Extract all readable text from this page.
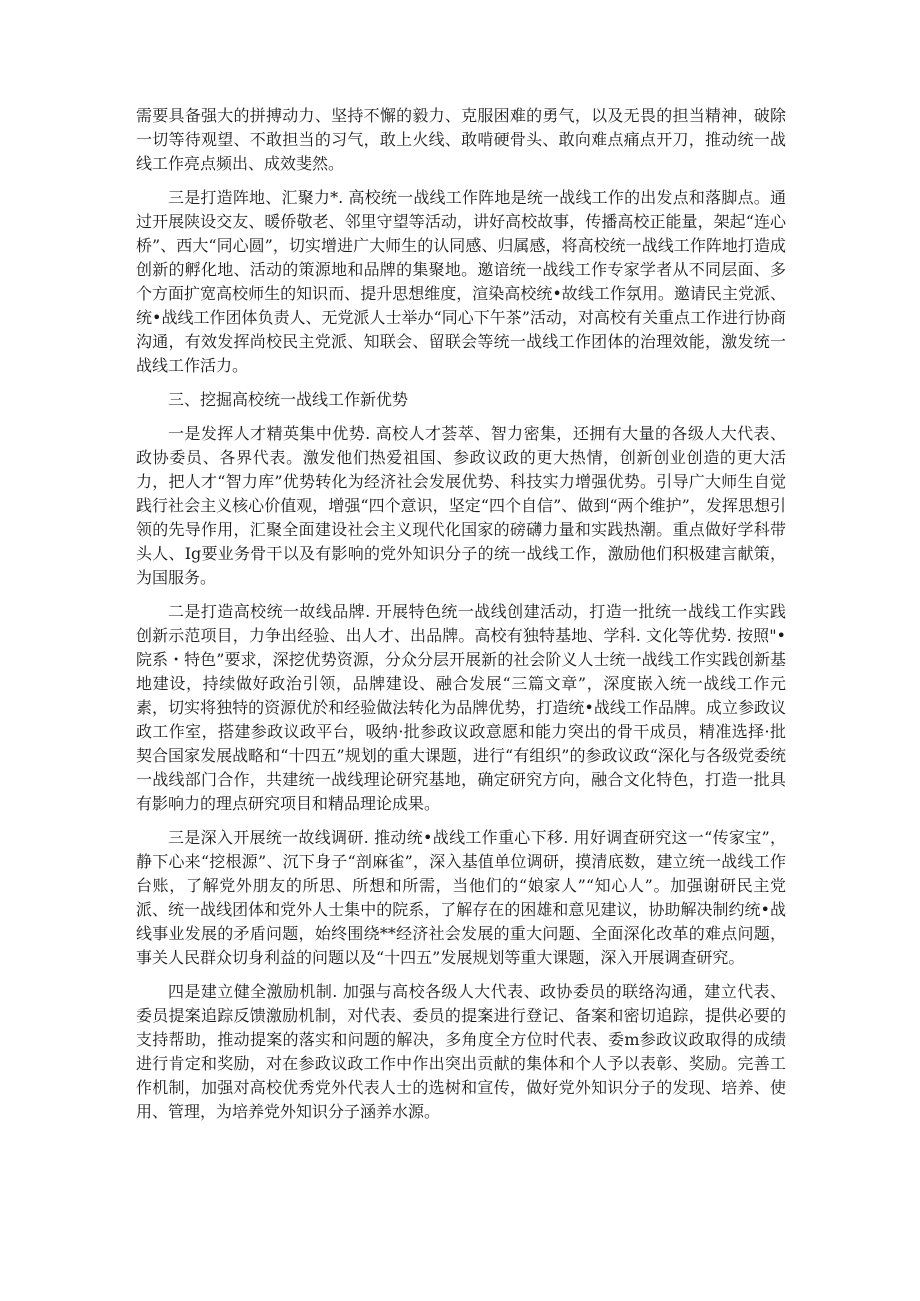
需要具备强大的拼搏动力、坚持不懈的毅力、克服困难的勇气，以及无畏的担当精神，破除一切等待观望、不敢担当的习气，敢上火线、敢啃硬骨头、敢向难点痛点开刀，推动统一战线工作亮点频出、成效斐然。

三是打造阵地、汇聚力*. 高校统一战线工作阵地是统一战线工作的出发点和落脚点。通过开展陕设交友、暖侨敬老、邻里守望等活动，讲好高校故事，传播高校正能量，架起“连心桥”、西大“同心圆”，切实增进广大师生的认同感、归属感，将高校统一战线工作阵地打造成创新的孵化地、活动的策源地和品牌的集聚地。邀谙统一战线工作专家学者从不同层面、多个方面扩宽高校师生的知识而、提升思想维度，渲染高校统•故线工作氛用。邀请民主党派、统•战线工作团体负责人、无党派人士举办“同心下午茶”活动，对高校有关重点工作进行协商沟通，有效发挥尚校民主党派、知联会、留联会等统一战线工作团体的治理效能，激发统一战线工作活力。

三、挖掘高校统一战线工作新优势

一是发挥人才精英集中优势. 高校人才荟萃、智力密集，还拥有大量的各级人大代表、政协委员、各界代表。激发他们热爱祖国、参政议政的更大热情，创新创业创造的更大活力，把人才“智力库”优势转化为经济社会发展优势、科技实力增强优势。引导广大师生自觉践行社会主义核心价值观，增强“四个意识，坚定“四个自信”、做到“两个维护”，发挥思想引领的先导作用，汇聚全面建设社会主义现代化国家的磅礴力量和实践热潮。重点做好学科带头人、Ig要业务骨干以及有影响的党外知识分子的统一战线工作，激励他们积极建言献策，为国服务。

二是打造高校统一故线品牌. 开展特色统一战线创建活动，打造一批统一战线工作实践创新示范项目，力争出经验、出人才、出品牌。高校有独特基地、学科. 文化等优势. 按照"•院系・特色”要求，深挖优势资源，分众分层开展新的社会阶义人士统一战线工作实践创新基地建设，持续做好政治引领，品牌建设、融合发展“三篇文章”，深度嵌入统一战线工作元素，切实将独特的资源优於和经验做法转化为品牌优势，打造统•战线工作品牌。成立参政议政工作室，搭建参政议政平台，吸纳·批参政议政意愿和能力突出的骨干成员，精准选择·批契合国家发展战略和“十四五”规划的重大课题，进行“有组织”的参政议政“深化与各级党委统一战线部门合作，共建统一战线理论研究基地，确定研究方向，融合文化特色，打造一批具有影响力的理点研究项目和精品理论成果。

三是深入开展统一故线调研. 推动统•战线工作重心下移. 用好调査研究这一“传家宝”，静下心来“挖根源”、沉下身子“剖麻雀”，深入基值单位调研，摸清底数，建立统一战线工作台账，了解党外朋友的所思、所想和所需，当他们的“娘家人”“知心人”。加强谢研民主党派、统一战线团体和党外人士集中的院系，了解存在的困雄和意见建议，协助解决制约统•战线事业发展的矛盾问题，始终围绕**经济社会发展的重大问题、全面深化改革的难点问题，事关人民群众切身利益的问题以及“十四五”发展规划等重大课题，深入开展调查研究。

四是建立健全激励机制. 加强与高校各级人大代表、政协委员的联络沟通，建立代表、委员提案追踪反馈激励机制，对代表、委员的提案进行登记、备案和密切追踪，提供必要的支持帮助，推动提案的落实和问题的解决，多角度全方位时代表、委m参政议政取得的成绩进行肯定和奖励，对在参政议政工作中作出突出贡献的集体和个人予以表彰、奖励。完善工作机制，加强对高校优秀党外代表人士的选树和宣传，做好党外知识分子的发现、培养、使用、管理，为培养党外知识分子涵养水源。
